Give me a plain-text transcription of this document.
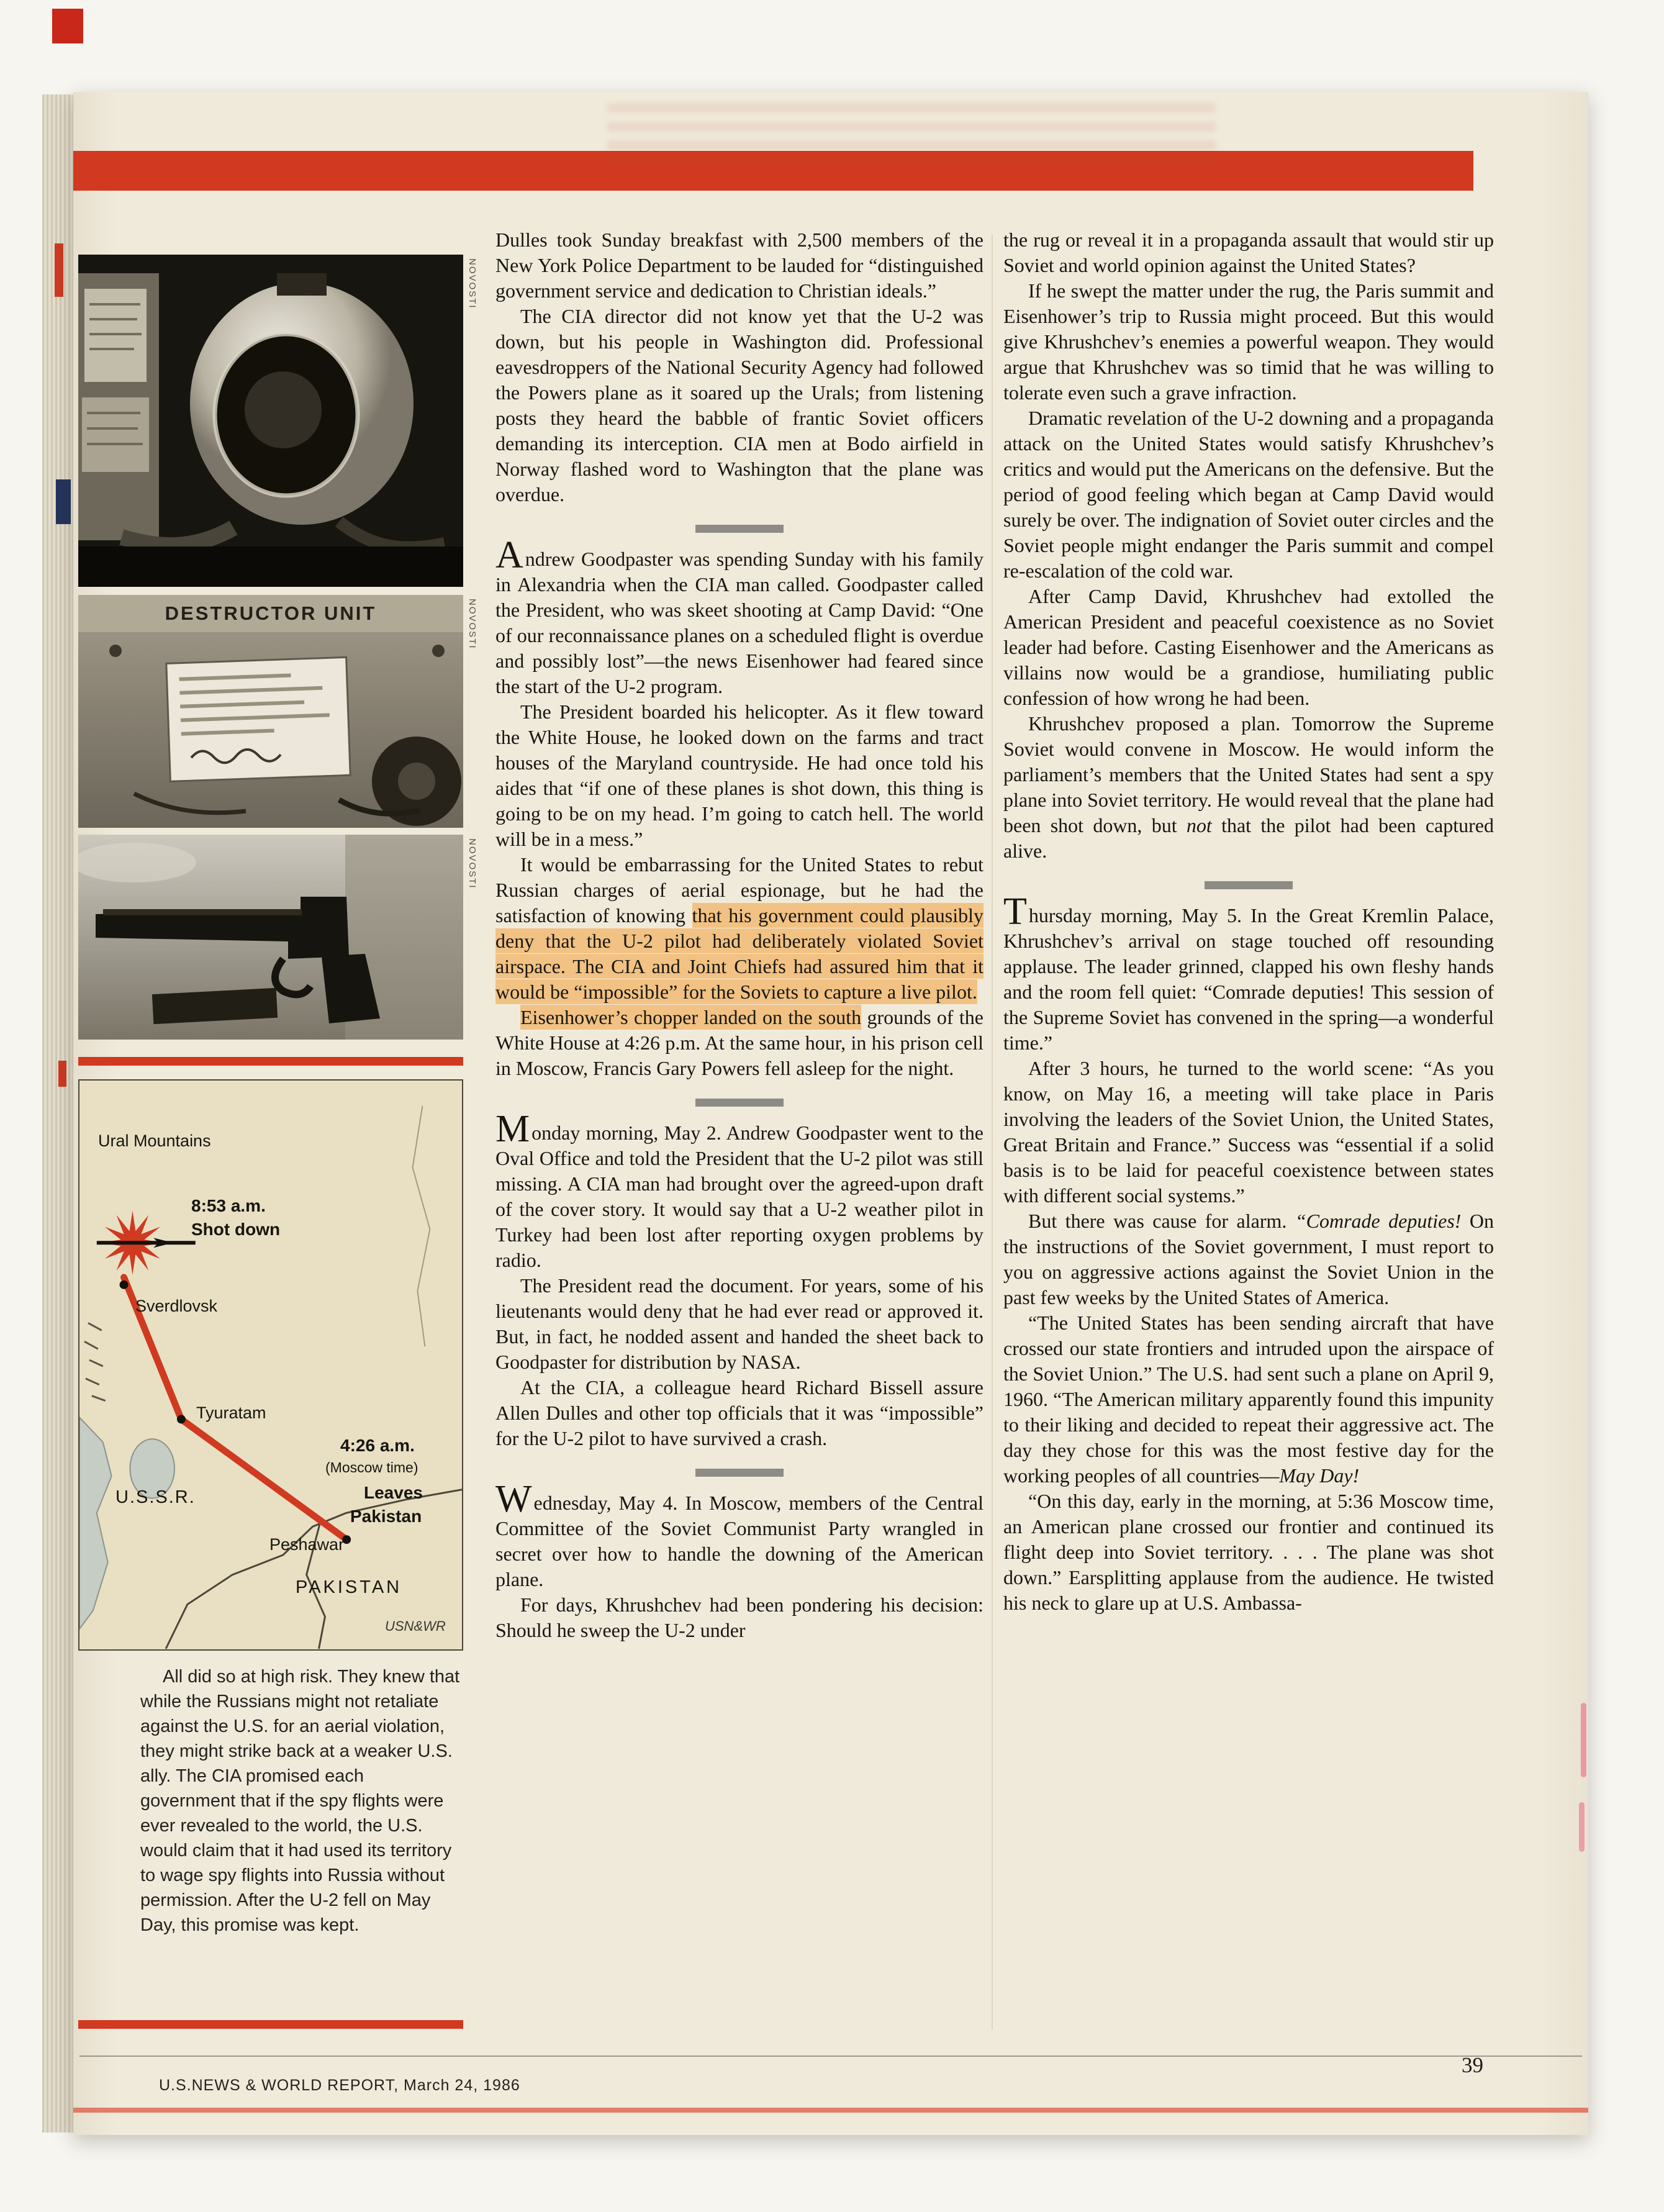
NOVOSTI
DESTRUCTOR UNIT	NOVOSTI
NOVOSTI
Ural Mountains
8:53 a.m.
Shot down
Sverdlovsk
Tyuratam
4:26 a.m.
(Moscow time)
Leaves
Pakistan
U.S.S.R.
Peshawar
PAKISTAN
USN&WR

All did so at high risk. They knew that while the Russians might not retaliate against the U.S. for an aerial violation, they might strike back at a weaker U.S. ally. The CIA promised each government that if the spy flights were ever revealed to the world, the U.S. would claim that it had used its territory to wage spy flights into Russia without permission. After the U-2 fell on May Day, this promise was kept.

Dulles took Sunday breakfast with 2,500 members of the New York Police Department to be lauded for “distinguished government service and dedication to Christian ideals.”

The CIA director did not know yet that the U-2 was down, but his people in Washington did. Professional eavesdroppers of the National Security Agency had followed the Powers plane as it soared up the Urals; from listening posts they heard the babble of frantic Soviet officers demanding its interception. CIA men at Bodo airfield in Norway flashed word to Washington that the plane was overdue.

Andrew Goodpaster was spending Sunday with his family in Alexandria when the CIA man called. Goodpaster called the President, who was skeet shooting at Camp David: “One of our reconnaissance planes on a scheduled flight is overdue and possibly lost”—the news Eisenhower had feared since the start of the U-2 program.

The President boarded his helicopter. As it flew toward the White House, he looked down on the farms and tract houses of the Maryland countryside. He had once told his aides that “if one of these planes is shot down, this thing is going to be on my head. I’m going to catch hell. The world will be in a mess.”

It would be embarrassing for the United States to rebut Russian charges of aerial espionage, but he had the satisfaction of knowing that his government could plausibly deny that the U-2 pilot had deliberately violated Soviet airspace. The CIA and Joint Chiefs had assured him that it would be “impossible” for the Soviets to capture a live pilot.

Eisenhower’s chopper landed on the south grounds of the White House at 4:26 p.m. At the same hour, in his prison cell in Moscow, Francis Gary Powers fell asleep for the night.

Monday morning, May 2. Andrew Goodpaster went to the Oval Office and told the President that the U-2 pilot was still missing. A CIA man had brought over the agreed-upon draft of the cover story. It would say that a U-2 weather pilot in Turkey had been lost after reporting oxygen problems by radio.

The President read the document. For years, some of his lieutenants would deny that he had ever read or approved it. But, in fact, he nodded assent and handed the sheet back to Goodpaster for distribution by NASA.

At the CIA, a colleague heard Richard Bissell assure Allen Dulles and other top officials that it was “impossible” for the U-2 pilot to have survived a crash.

Wednesday, May 4. In Moscow, members of the Central Committee of the Soviet Communist Party wrangled in secret over how to handle the downing of the American plane.

For days, Khrushchev had been pondering his decision: Should he sweep the U-2 under

the rug or reveal it in a propaganda assault that would stir up Soviet and world opinion against the United States?

If he swept the matter under the rug, the Paris summit and Eisenhower’s trip to Russia might proceed. But this would give Khrushchev’s enemies a powerful weapon. They would argue that Khrushchev was so timid that he was willing to tolerate even such a grave infraction.

Dramatic revelation of the U-2 downing and a propaganda attack on the United States would satisfy Khrushchev’s critics and would put the Americans on the defensive. But the period of good feeling which began at Camp David would surely be over. The indignation of Soviet outer circles and the Soviet people might endanger the Paris summit and compel re-escalation of the cold war.

After Camp David, Khrushchev had extolled the American President and peaceful coexistence as no Soviet leader had before. Casting Eisenhower and the Americans as villains now would be a grandiose, humiliating public confession of how wrong he had been.

Khrushchev proposed a plan. Tomorrow the Supreme Soviet would convene in Moscow. He would inform the parliament’s members that the United States had sent a spy plane into Soviet territory. He would reveal that the plane had been shot down, but not that the pilot had been captured alive.

Thursday morning, May 5. In the Great Kremlin Palace, Khrushchev’s arrival on stage touched off resounding applause. The leader grinned, clapped his own fleshy hands and the room fell quiet: “Comrade deputies! This session of the Supreme Soviet has convened in the spring—a wonderful time.”

After 3 hours, he turned to the world scene: “As you know, on May 16, a meeting will take place in Paris involving the leaders of the Soviet Union, the United States, Great Britain and France.” Success was “essential if a solid basis is to be laid for peaceful coexistence between states with different social systems.”

But there was cause for alarm. “Comrade deputies! On the instructions of the Soviet government, I must report to you on aggressive actions against the Soviet Union in the past few weeks by the United States of America.

“The United States has been sending aircraft that have crossed our state frontiers and intruded upon the airspace of the Soviet Union.” The U.S. had sent such a plane on April 9, 1960. “The American military apparently found this impunity to their liking and decided to repeat their aggressive act. The day they chose for this was the most festive day for the working peoples of all countries—May Day!

“On this day, early in the morning, at 5:36 Moscow time, an American plane crossed our frontier and continued its flight deep into Soviet territory. . . . The plane was shot down.” Earsplitting applause from the audience. He twisted his neck to glare up at U.S. Ambassa-

U.S.NEWS & WORLD REPORT, March 24, 1986
39
